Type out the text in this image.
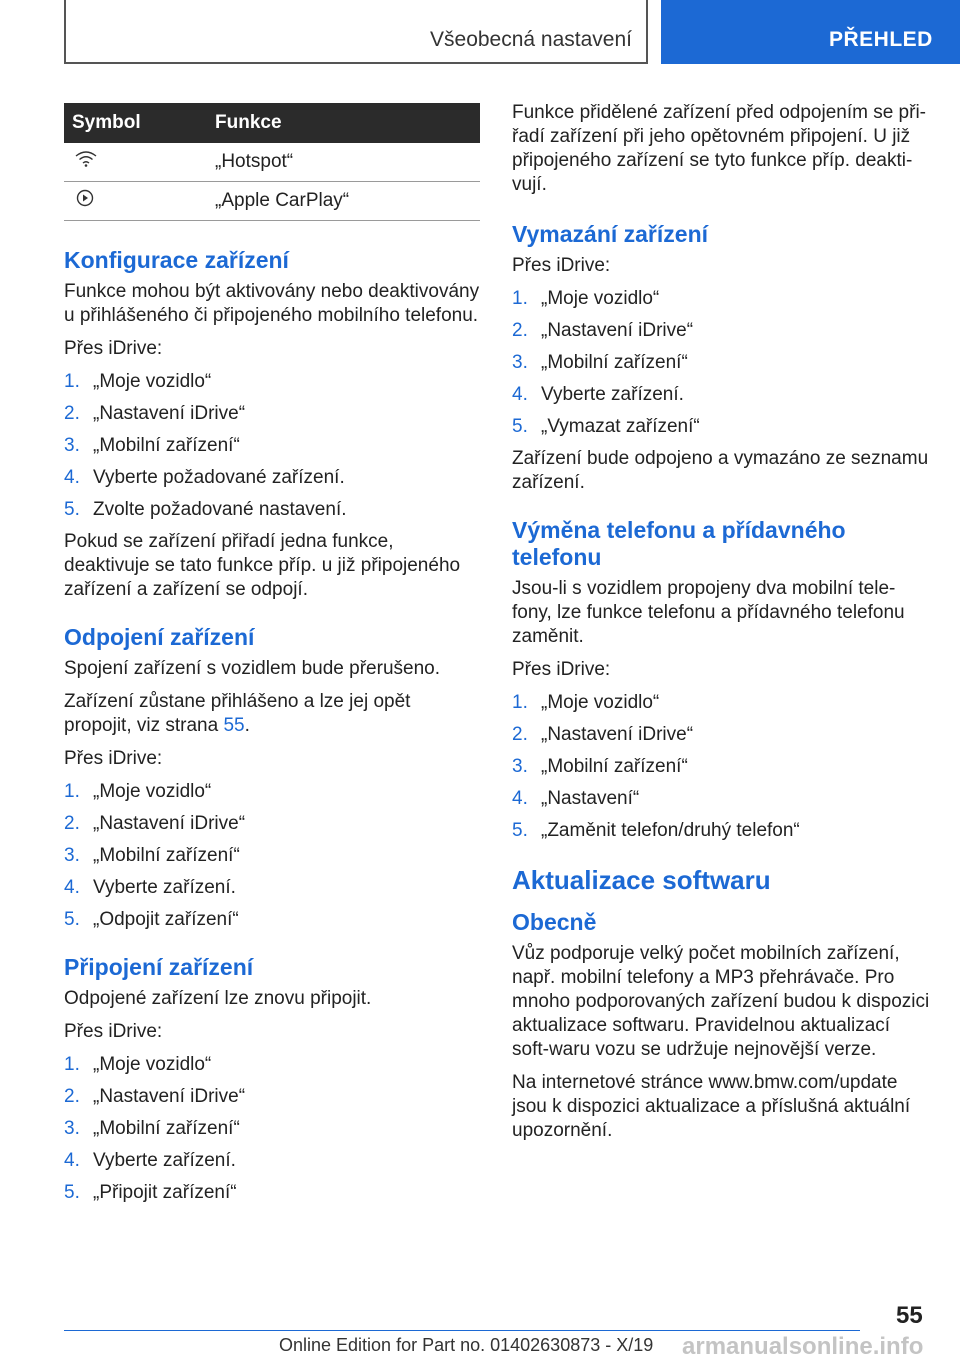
Všeobecná nastavení	PŘEHLED
Symbol	Funkce
	„Hotspot“
	„Apple CarPlay“
Konfigurace zařízení

Funkce mohou být aktivovány nebo deaktivovány u přihlášeného či připojeného mobilního telefonu.

Přes iDrive:

1. „Moje vozidlo“
2. „Nastavení iDrive“
3. „Mobilní zařízení“
4. Vyberte požadované zařízení.
5. Zvolte požadované nastavení.

Pokud se zařízení přiřadí jedna funkce, deaktivuje se tato funkce příp. u již připojeného zařízení a zařízení se odpojí.

Odpojení zařízení

Spojení zařízení s vozidlem bude přerušeno.

Zařízení zůstane přihlášeno a lze jej opět propojit, viz strana 55.

Přes iDrive:

1. „Moje vozidlo“
2. „Nastavení iDrive“
3. „Mobilní zařízení“
4. Vyberte zařízení.
5. „Odpojit zařízení“
Připojení zařízení

Odpojené zařízení lze znovu připojit.

Přes iDrive:

1. „Moje vozidlo“
2. „Nastavení iDrive“
3. „Mobilní zařízení“
4. Vyberte zařízení.
5. „Připojit zařízení“

Funkce přidělené zařízení před odpojením se při‐řadí zařízení při jeho opětovném připojení. U již připojeného zařízení se tyto funkce příp. deakti‐vují.

Vymazání zařízení

Přes iDrive:

1. „Moje vozidlo“
2. „Nastavení iDrive“
3. „Mobilní zařízení“
4. Vyberte zařízení.
5. „Vymazat zařízení“

Zařízení bude odpojeno a vymazáno ze seznamu zařízení.

Výměna telefonu a přídavného telefonu

Jsou-li s vozidlem propojeny dva mobilní tele‐fony, lze funkce telefonu a přídavného telefonu zaměnit.

Přes iDrive:

1. „Moje vozidlo“
2. „Nastavení iDrive“
3. „Mobilní zařízení“
4. „Nastavení“
5. „Zaměnit telefon/druhý telefon“
Aktualizace softwaru
Obecně

Vůz podporuje velký počet mobilních zařízení, např. mobilní telefony a MP3 přehrávače. Pro mnoho podporovaných zařízení budou k dispozici aktualizace softwaru. Pravidelnou aktualizací soft‐waru vozu se udržuje nejnovější verze.

Na internetové stránce www.bmw.com/update jsou k dispozici aktualizace a příslušná aktuální upozornění.

55
Online Edition for Part no. 01402630873 - X/19 armanualsonline.info
